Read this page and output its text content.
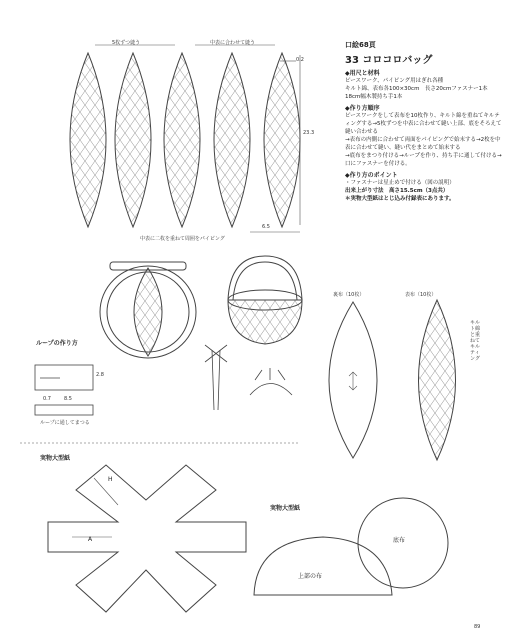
口絵68頁
33 コロコロバッグ
◆用尺と材料
ピースワーク、パイピング用はぎれ各種
キルト綿、表布各100×30cm　長さ20cmファスナー1本　18cm幅木製持ち手1本
◆作り方順序
ピースワークをして表布を10枚作り、キルト綿を重ねてキルティングする→5枚ずつを中表に合わせて縫い上部、底をそろえて縫い合わせる
→表布の内側に合わせて両面をパイピングで始末する→2枚を中表に合わせて縫い、縫い代をまとめて始末する
→底布をまつり付ける→ループを作り、持ち手に通して付ける→口にファスナーを付ける。
◆作り方のポイント
・ファスナーは星止めで付ける（図の説明）
出来上がり寸法　高さ15.5cm（3点共）
＊実物大型紙はとじ込み付録表にあります。
5枚ずつ縫う	中表に合わせて縫う
0.2
23.3
6.5
中表に二枚を重ねて周囲をパイピング
ループの作り方
2.8
0.7	8.5
ループに通してまつる
裏布（10枚）	表布（10枚）
キルト綿と重ねてキルティング
実物大型紙
H
A
実物大型紙
底布
上部の布
89
